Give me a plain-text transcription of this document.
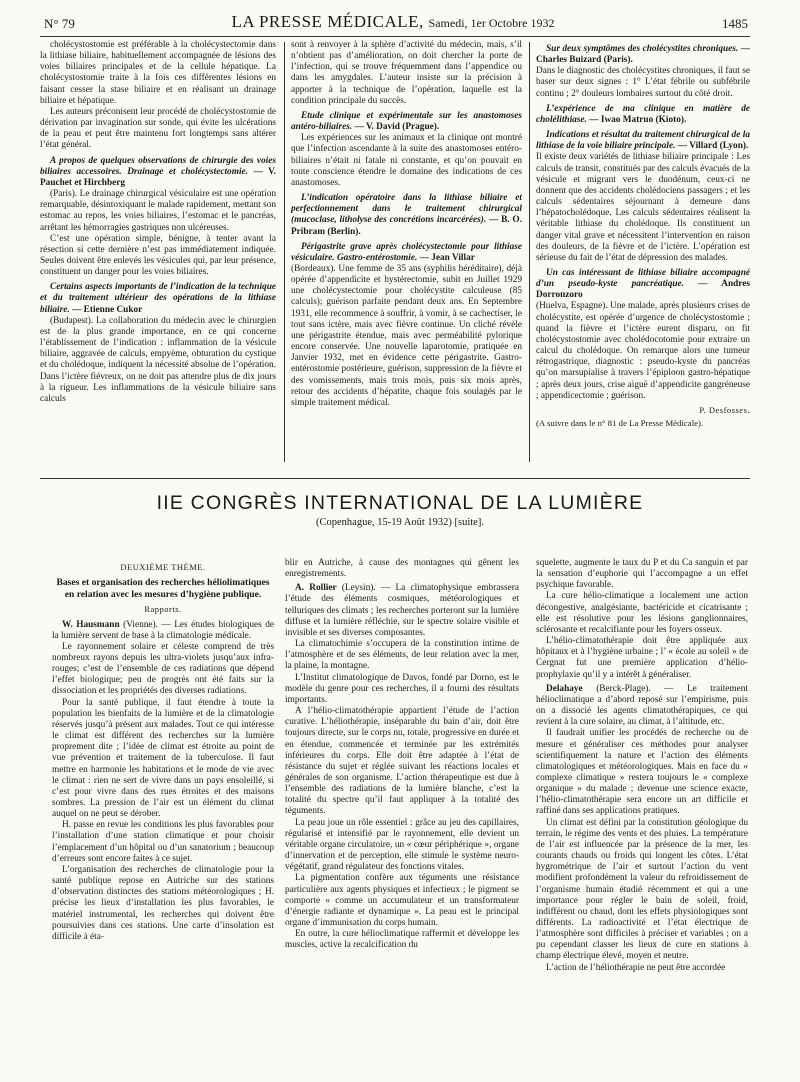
N° 79	LA PRESSE MÉDICALE, Samedi, 1er Octobre 1932	1485

cholécystostomie est préférable à la cholécystectomie dans la lithiase biliaire, habituellement accompagnée de lésions des voies biliaires principales et de la cellule hépatique. La cholécystostomie traite à la fois ces différentes lésions en faisant cesser la stase biliaire et en réalisant un drainage biliaire et hépatique.

Les auteurs préconisent leur procédé de cholécystostomie de dérivation par invagination sur sonde, qui évite les ulcérations de la peau et peut être maintenu fort longtemps sans altérer l’état général.

A propos de quelques observations de chirurgie des voies biliaires accessoires. Drainage et cholécystectomie. — V. Pauchet et Hirchberg

(Paris). Le drainage chirurgical vésiculaire est une opération remarquable, désintoxiquant le malade rapidement, mettant son estomac au repos, les voies biliaires, l’estomac et le pancréas, arrêtant les hémorragies gastriques non ulcéreuses.

C’est une opération simple, bénigne, à tenter avant la résection si cette dernière n’est pas immédiatement indiquée. Seules doivent être enlevés les vésicules qui, par leur présence, constituent un danger pour les voies biliaires.

Certains aspects importants de l’indication de la technique et du traitement ultérieur des opérations de la lithiase biliaire. — Etienne Cukor

(Budapest). La collaboration du médecin avec le chirurgien est de la plus grande importance, en ce qui concerne l’établissement de l’indication : inflammation de la vésicule biliaire, aggravée de calculs, empyème, obturation du cystique et du cholédoque, indiquent la nécessité absolue de l’opération. Dans l’ictère fiévreux, on ne doit pas attendre plus de dix jours à la rigueur. Les inflammations de la vésicule biliaire sans calculs

sont à renvoyer à la sphère d’activité du médecin, mais, s’il n’obtient pas d’amélioration, on doit chercher la porte de l’infection, qui se trouve fréquemment dans l’appendice ou dans les amygdales. L’auteur insiste sur la précision à apporter à la technique de l’opération, laquelle est la condition principale du succès.

Etude clinique et expérimentale sur les anastomoses antéro-biliaires. — V. David (Prague).

Les expériences sur les animaux et la clinique ont montré que l’infection ascendante à la suite des anastomoses entéro-biliaires n’était ni fatale ni constante, et qu’on pouvait en toute conscience étendre le domaine des indications de ces anastomoses.

L’indication opératoire dans la lithiase biliaire et perfectionnement dans le traitement chirurgical (mucoclase, litholyse des concrétions incarcérées). — B. O. Pribram (Berlin).

Périgastrite grave après cholécystectomie pour lithiase vésiculaire. Gastro-entérostomie. — Jean Villar

(Bordeaux). Une femme de 35 ans (syphilis héréditaire), déjà opérée d’appendicite et hystérectomie, subit en Juillet 1929 une cholécystectomie pour cholécystite calculeuse (85 calculs); guérison parfaite pendant deux ans. En Septembre 1931, elle recommence à souffrir, à vomir, à se cachectiser, le tout sans ictère, mais avec fièvre continue. Un cliché révèle une périgastrite étendue, mais avec perméabilité pylorique encore conservée. Une nouvelle laparotomie, pratiquée en Janvier 1932, met en évidence cette périgastrite. Gastro-entérostomie postérieure, guérison, suppression de la fièvre et des vomissements, mais trois mois, puis six mois après, retour des accidents d’hépatite, chaque fois soulagés par le simple traitement médical.

Sur deux symptômes des cholécystites chroniques. — Charles Buizard (Paris).

Dans le diagnostic des cholécystites chroniques, il faut se baser sur deux signes : 1° L’état fébrile ou subfébrile continu ; 2° douleurs lombaires surtout du côté droit.

L’expérience de ma clinique en matière de cholélithiase. — Iwao Matruo (Kioto).

Indications et résultat du traitement chirurgical de la lithiase de la voie biliaire principale. — Villard (Lyon).

Il existe deux variétés de lithiase biliaire principale : Les calculs de transit, constitués par des calculs évacués de la vésicule et migrant vers le duodénum, ceux-ci ne donnent que des accidents cholédociens passagers ; et les calculs sédentaires séjournant à demeure dans l’hépatocholédoque. Les calculs sédentaires réalisent la véritable lithiase du cholédoque. Ils constituent un danger vital grave et nécessitent l’intervention en raison des douleurs, de la fièvre et de l’ictère. L’opération est sérieuse du fait de l’état de dépression des malades.

Un cas intéressant de lithiase biliaire accompagné d’un pseudo-kyste pancréatique. — Andres Dorronzoro

(Huelva, Espagne). Une malade, après plusieurs crises de cholécystite, est opérée d’urgence de cholécystostomie ; quand la fièvre et l’ictère eurent disparu, on fit cholécystostomie avec cholédocotomie pour extraire un calcul du cholédoque. On remarque alors une tumeur rétrogastrique, diagnostic : pseudo-kyste du pancréas qu’on marsupialise à travers l’épiploon gastro-hépatique ; après deux jours, crise aiguë d’appendicite gangréneuse ; appendicectomie ; guérison.

P. Desfosses.

(A suivre dans le n° 81 de La Presse Médicale).

IIE CONGRÈS INTERNATIONAL DE LA LUMIÈRE
(Copenhague, 15-19 Août 1932) [suite].

DEUXIÈME THÈME.

Bases et organisation des recherches héliolimatiques en relation avec les mesures d’hygiène publique.

Rapports.

W. Hausmann (Vienne). — Les études biologiques de la lumière servent de base à la climatologie médicale.

Le rayonnement solaire et céleste comprend de très nombreux rayons depuis les ultra-violets jusqu’aux infra-rouges; c’est de l’ensemble de ces radiations que dépend l’effet biologique; peu de progrès ont été faits sur la dissociation et les propriétés des diverses radiations.

Pour la santé publique, il faut étendre à toute la population les bienfaits de la lumière et de la climatologie réservés jusqu’à présent aux malades. Tout ce qui intéresse le climat est différent des recherches sur la lumière proprement dite ; l’idée de climat est étroite au point de vue prévention et traitement de la tuberculose. Il faut mettre en harmonie les habitations et le mode de vie avec le climat : rien ne sert de vivre dans un pays ensoleillé, si c’est pour vivre dans des rues étroites et des maisons sombres. La pression de l’air est un élément du climat auquel on ne peut se dérober.

H. passe en revue les conditions les plus favorables pour l’installation d’une station climatique et pour choisir l’emplacement d’un hôpital ou d’un sanatorium ; beaucoup d’erreurs sont encore faites à ce sujet.

L’organisation des recherches de climatologie pour la santé publique repose en Autriche sur des stations d’observation distinctes des stations météorologiques ; H. précise les lieux d’installation les plus favorables, le matériel instrumental, les recherches qui doivent être poursuivies dans ces stations. Une carte d’insolation est difficile à éta-

blir en Autriche, à cause des montagnes qui gênent les enregistrements.

A. Rollier (Leysin). — La climatophysique embrassera l’étude des éléments cosmiques, météorologiques et telluriques des climats ; les recherches porteront sur la lumière diffuse et la lumière réfléchie, sur le spectre solaire visible et invisible et ses diverses composantes.

La climatochimie s’occupera de la constitution intime de l’atmosphère et de ses éléments, de leur relation avec la mer, la plaine, la montagne.

L’Institut climatologique de Davos, fondé par Dorno, est le modèle du genre pour ces recherches, il a fourni des résultats importants.

A l’hélio-climatothérapie appartient l’étude de l’action curative. L’héliothérapie, inséparable du bain d’air, doit être toujours directe, sur le corps nu, totale, progressive en durée et en étendue, commencée et terminée par les extrémités inférieures du corps. Elle doit être adaptée à l’état de résistance du sujet et réglée suivant les réactions locales et générales de son organisme. L’action thérapeutique est due à l’ensemble des radiations de la lumière blanche, c’est la totalité du spectre qu’il faut appliquer à la totalité des téguments.

La peau joue un rôle essentiel : grâce au jeu des capillaires, régularisé et intensifié par le rayonnement, elle devient un véritable organe circulatoire, un « cœur périphérique », organe d’innervation et de perception, elle stimule le système neuro-végétatif, grand régulateur des fonctions vitales.

La pigmentation confère aux téguments une résistance particulière aux agents physiques et infectieux ; le pigment se comporte « comme un accumulateur et un transformateur d’énergie radiante et dynamique ». La peau est le principal organe d’immunisation du corps humain.

En outre, la cure héliоclimatique raffermit et développe les muscles, active la recalcification du

squelette, augmente le taux du P et du Ca sanguin et par la sensation d’euphorie qui l’accompagne a un effet psychique favorable.

La cure hélio-climatique a localement une action décongestive, analgésiante, bactéricide et cicatrisante ; elle est résolutive pour les lésions ganglionnaires, sclérosante et recalcifiante pour les foyers osseux.

L’hélio-climatothérapie doit être appliquée aux hôpitaux et à l’hygiène urbaine ; l’ « école au soleil » de Cergnat fut une première application d’hélio-prophylaxie qu’il y a intérêt à généraliser.

Delahaye (Berck-Plage). — Le traitement héliоclimatique a d’abord reposé sur l’empirisme, puis on a dissocié les agents climatothérapiques, ce qui revient à la cure solaire, au climat, à l’altitude, etc.

Il faudrait unifier les procédés de recherche ou de mesure et généraliser ces méthodes pour analyser scientifiquement la nature et l’action des éléments climatologiques et météorologiques. Mais en face du « complexe climatique » restera toujours le « complexe organique » du malade ; devenue une science exacte, l’hélio-climatothérapie sera encore un art difficile et raffiné dans ses applications pratiques.

Un climat est défini par la constitution géologique du terrain, le régime des vents et des pluies. La température de l’air est influencée par la présence de la mer, les courants chauds ou froids qui longent les côtes. L’état hygrométrique de l’air et surtout l’action du vent modifient profondément la valeur du refroidissement de l’organisme humain étudié récemment et qui a une importance pour régler le bain de soleil, froid, indifférent ou chaud, dont les effets physiologiques sont différents. La radioactivité et l’état électrique de l’atmosphère sont difficiles à préciser et variables ; on a pu cependant classer les lieux de cure en stations à champ électrique élevé, moyen et neutre.

L’action de l’héliothérapie ne peut être accordée
